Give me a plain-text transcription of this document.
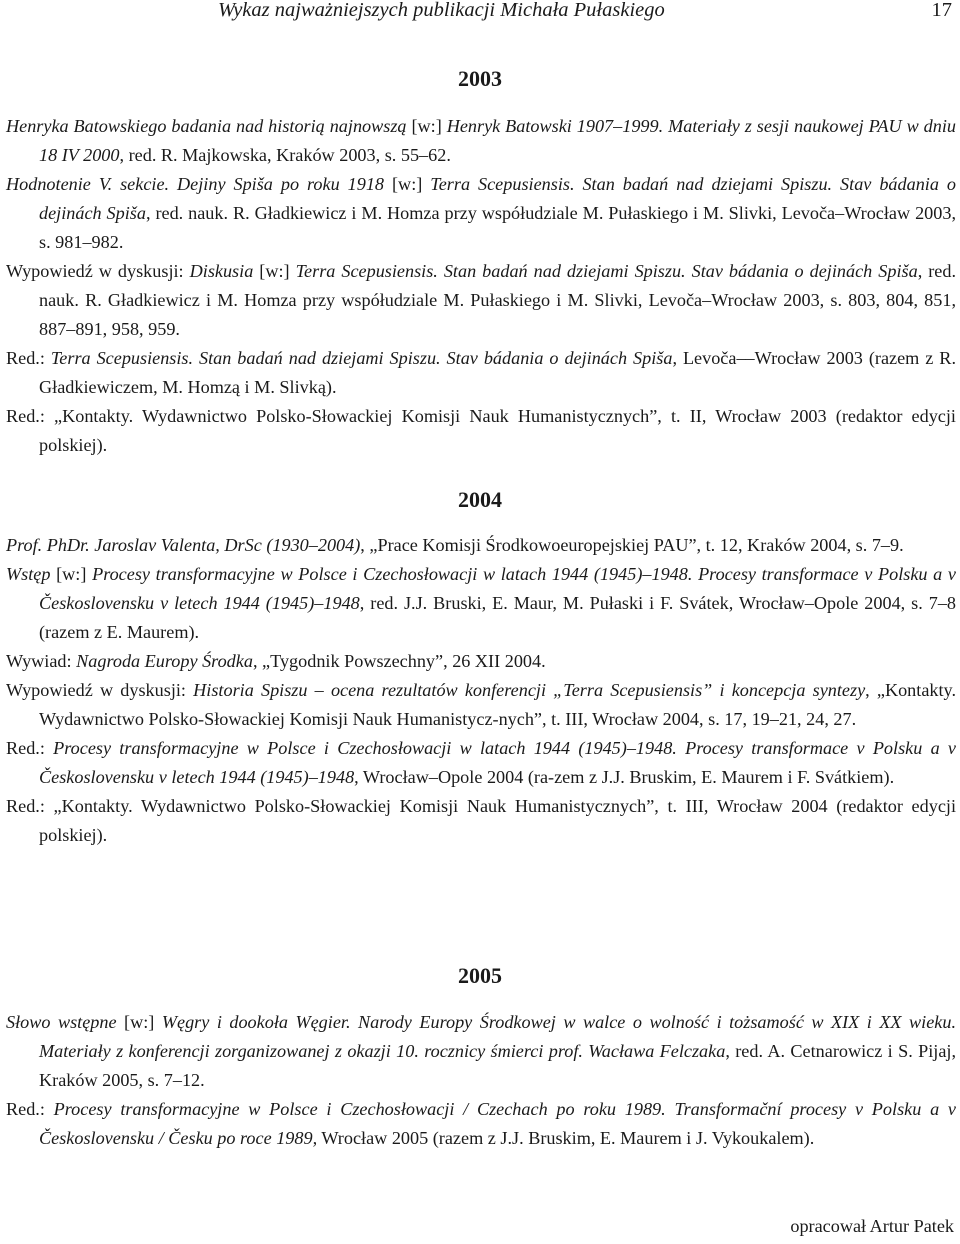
Wykaz najważniejszych publikacji Michała Pułaskiego	17
2003
Henryka Batowskiego badania nad historią najnowszą [w:] Henryk Batowski 1907–1999. Materiały z sesji naukowej PAU w dniu 18 IV 2000, red. R. Majkowska, Kraków 2003, s. 55–62.
Hodnotenie V. sekcie. Dejiny Spiša po roku 1918 [w:] Terra Scepusiensis. Stan badań nad dziejami Spiszu. Stav bádania o dejinách Spiša, red. nauk. R. Gładkiewicz i M. Homza przy współudziale M. Pułaskiego i M. Slivki, Levoča–Wrocław 2003, s. 981–982.
Wypowiedź w dyskusji: Diskusia [w:] Terra Scepusiensis. Stan badań nad dziejami Spiszu. Stav bádania o dejinách Spiša, red. nauk. R. Gładkiewicz i M. Homza przy współudziale M. Pułaskiego i M. Slivki, Levoča–Wrocław 2003, s. 803, 804, 851, 887–891, 958, 959.
Red.: Terra Scepusiensis. Stan badań nad dziejami Spiszu. Stav bádania o dejinách Spiša, Levoča––Wrocław 2003 (razem z R. Gładkiewiczem, M. Homzą i M. Slivką).
Red.: „Kontakty. Wydawnictwo Polsko-Słowackiej Komisji Nauk Humanistycznych”, t. II, Wrocław 2003 (redaktor edycji polskiej).
2004
Prof. PhDr. Jaroslav Valenta, DrSc (1930–2004), „Prace Komisji Środkowoeuropejskiej PAU”, t. 12, Kraków 2004, s. 7–9.
Wstęp [w:] Procesy transformacyjne w Polsce i Czechosłowacji w latach 1944 (1945)–1948. Procesy transformace v Polsku a v Československu v letech 1944 (1945)–1948, red. J.J. Bruski, E. Maur, M. Pułaski i F. Svátek, Wrocław–Opole 2004, s. 7–8 (razem z E. Maurem).
Wywiad: Nagroda Europy Środka, „Tygodnik Powszechny”, 26 XII 2004.
Wypowiedź w dyskusji: Historia Spiszu – ocena rezultatów konferencji „Terra Scepusiensis” i koncepcja syntezy, „Kontakty. Wydawnictwo Polsko-Słowackiej Komisji Nauk Humanistycz-nych”, t. III, Wrocław 2004, s. 17, 19–21, 24, 27.
Red.: Procesy transformacyjne w Polsce i Czechosłowacji w latach 1944 (1945)–1948. Procesy transformace v Polsku a v Československu v letech 1944 (1945)–1948, Wrocław–Opole 2004 (ra-zem z J.J. Bruskim, E. Maurem i F. Svátkiem).
Red.: „Kontakty. Wydawnictwo Polsko-Słowackiej Komisji Nauk Humanistycznych”, t. III, Wrocław 2004 (redaktor edycji polskiej).
2005
Słowo wstępne [w:] Węgry i dookoła Węgier. Narody Europy Środkowej w walce o wolność i tożsamość w XIX i XX wieku. Materiały z konferencji zorganizowanej z okazji 10. rocznicy śmierci prof. Wacława Felczaka, red. A. Cetnarowicz i S. Pijaj, Kraków 2005, s. 7–12.
Red.: Procesy transformacyjne w Polsce i Czechosłowacji / Czechach po roku 1989. Transformační procesy v Polsku a v Československu / Česku po roce 1989, Wrocław 2005 (razem z J.J. Bruskim, E. Maurem i J. Vykoukalem).
opracował Artur Patek
